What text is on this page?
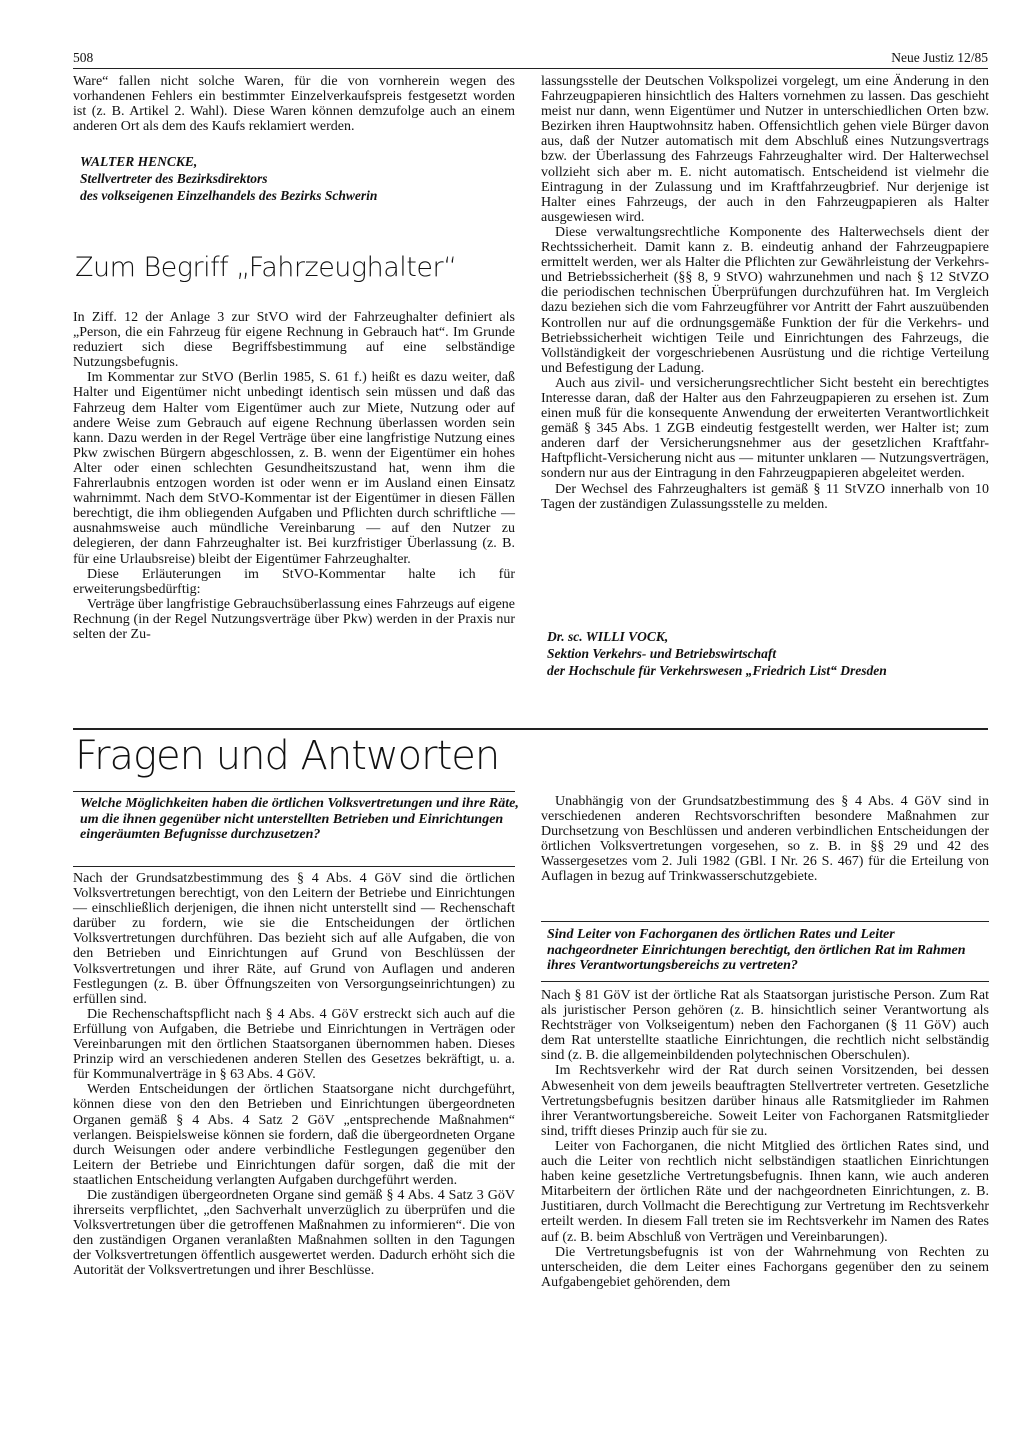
508	Neue Justiz 12/85

Ware“ fallen nicht solche Waren, für die von vornherein wegen des vorhandenen Fehlers ein bestimmter Einzelverkaufspreis festgesetzt worden ist (z. B. Artikel 2. Wahl). Diese Waren können demzufolge auch an einem anderen Ort als dem des Kaufs reklamiert werden.

WALTER HENCKE,
Stellvertreter des Bezirksdirektors
des volkseigenen Einzelhandels des Bezirks Schwerin
Zum Begriff „Fahrzeughalter“

In Ziff. 12 der Anlage 3 zur StVO wird der Fahrzeughalter definiert als „Person, die ein Fahrzeug für eigene Rechnung in Gebrauch hat“. Im Grunde reduziert sich diese Begriffsbestimmung auf eine selbständige Nutzungsbefugnis.

Im Kommentar zur StVO (Berlin 1985, S. 61 f.) heißt es dazu weiter, daß Halter und Eigentümer nicht unbedingt identisch sein müssen und daß das Fahrzeug dem Halter vom Eigentümer auch zur Miete, Nutzung oder auf andere Weise zum Gebrauch auf eigene Rechnung überlassen worden sein kann. Dazu werden in der Regel Verträge über eine langfristige Nutzung eines Pkw zwischen Bürgern abgeschlossen, z. B. wenn der Eigentümer ein hohes Alter oder einen schlechten Gesundheitszustand hat, wenn ihm die Fahrerlaubnis entzogen worden ist oder wenn er im Ausland einen Einsatz wahrnimmt. Nach dem StVO-Kommentar ist der Eigentümer in diesen Fällen berechtigt, die ihm obliegenden Aufgaben und Pflichten durch schriftliche — ausnahmsweise auch mündliche Vereinbarung — auf den Nutzer zu delegieren, der dann Fahrzeughalter ist. Bei kurzfristiger Überlassung (z. B. für eine Urlaubsreise) bleibt der Eigentümer Fahrzeughalter.

Diese Erläuterungen im StVO-Kommentar halte ich für erweiterungsbedürftig:

Verträge über langfristige Gebrauchsüberlassung eines Fahrzeugs auf eigene Rechnung (in der Regel Nutzungsverträge über Pkw) werden in der Praxis nur selten der Zu-

lassungsstelle der Deutschen Volkspolizei vorgelegt, um eine Änderung in den Fahrzeugpapieren hinsichtlich des Halters vornehmen zu lassen. Das geschieht meist nur dann, wenn Eigentümer und Nutzer in unterschiedlichen Orten bzw. Bezirken ihren Hauptwohnsitz haben. Offensichtlich gehen viele Bürger davon aus, daß der Nutzer automatisch mit dem Abschluß eines Nutzungsvertrags bzw. der Überlassung des Fahrzeugs Fahrzeughalter wird. Der Halterwechsel vollzieht sich aber m. E. nicht automatisch. Entscheidend ist vielmehr die Eintragung in der Zulassung und im Kraftfahrzeugbrief. Nur derjenige ist Halter eines Fahrzeugs, der auch in den Fahrzeugpapieren als Halter ausgewiesen wird.

Diese verwaltungsrechtliche Komponente des Halterwechsels dient der Rechtssicherheit. Damit kann z. B. eindeutig anhand der Fahrzeugpapiere ermittelt werden, wer als Halter die Pflichten zur Gewährleistung der Verkehrs- und Betriebssicherheit (§§ 8, 9 StVO) wahrzunehmen und nach § 12 StVZO die periodischen technischen Überprüfungen durchzuführen hat. Im Vergleich dazu beziehen sich die vom Fahrzeugführer vor Antritt der Fahrt auszuübenden Kontrollen nur auf die ordnungsgemäße Funktion der für die Verkehrs- und Betriebssicherheit wichtigen Teile und Einrichtungen des Fahrzeugs, die Vollständigkeit der vorgeschriebenen Ausrüstung und die richtige Verteilung und Befestigung der Ladung.

Auch aus zivil- und versicherungsrechtlicher Sicht besteht ein berechtigtes Interesse daran, daß der Halter aus den Fahrzeugpapieren zu ersehen ist. Zum einen muß für die konsequente Anwendung der erweiterten Verantwortlichkeit gemäß § 345 Abs. 1 ZGB eindeutig festgestellt werden, wer Halter ist; zum anderen darf der Versicherungsnehmer aus der gesetzlichen Kraftfahr-Haftpflicht-Versicherung nicht aus — mitunter unklaren — Nutzungsverträgen, sondern nur aus der Eintragung in den Fahrzeugpapieren abgeleitet werden.

Der Wechsel des Fahrzeughalters ist gemäß § 11 StVZO innerhalb von 10 Tagen der zuständigen Zulassungsstelle zu melden.

Dr. sc. WILLI VOCK,
Sektion Verkehrs- und Betriebswirtschaft
der Hochschule für Verkehrswesen „Friedrich List“ Dresden
Fragen und Antworten
Welche Möglichkeiten haben die örtlichen Volksvertretungen und ihre Räte, um die ihnen gegenüber nicht unterstellten Betrieben und Einrichtungen eingeräumten Befugnisse durchzusetzen?

Nach der Grundsatzbestimmung des § 4 Abs. 4 GöV sind die örtlichen Volksvertretungen berechtigt, von den Leitern der Betriebe und Einrichtungen — einschließlich derjenigen, die ihnen nicht unterstellt sind — Rechenschaft darüber zu fordern, wie sie die Entscheidungen der örtlichen Volksvertretungen durchführen. Das bezieht sich auf alle Aufgaben, die von den Betrieben und Einrichtungen auf Grund von Beschlüssen der Volksvertretungen und ihrer Räte, auf Grund von Auflagen und anderen Festlegungen (z. B. über Öffnungszeiten von Versorgungseinrichtungen) zu erfüllen sind.

Die Rechenschaftspflicht nach § 4 Abs. 4 GöV erstreckt sich auch auf die Erfüllung von Aufgaben, die Betriebe und Einrichtungen in Verträgen oder Vereinbarungen mit den örtlichen Staatsorganen übernommen haben. Dieses Prinzip wird an verschiedenen anderen Stellen des Gesetzes bekräftigt, u. a. für Kommunalverträge in § 63 Abs. 4 GöV.

Werden Entscheidungen der örtlichen Staatsorgane nicht durchgeführt, können diese von den den Betrieben und Einrichtungen übergeordneten Organen gemäß § 4 Abs. 4 Satz 2 GöV „entsprechende Maßnahmen“ verlangen. Beispielsweise können sie fordern, daß die übergeordneten Organe durch Weisungen oder andere verbindliche Festlegungen gegenüber den Leitern der Betriebe und Einrichtungen dafür sorgen, daß die mit der staatlichen Entscheidung verlangten Aufgaben durchgeführt werden.

Die zuständigen übergeordneten Organe sind gemäß § 4 Abs. 4 Satz 3 GöV ihrerseits verpflichtet, „den Sachverhalt unverzüglich zu überprüfen und die Volksvertretungen über die getroffenen Maßnahmen zu informieren“. Die von den zuständigen Organen veranlaßten Maßnahmen sollten in den Tagungen der Volksvertretungen öffentlich ausgewertet werden. Dadurch erhöht sich die Autorität der Volksvertretungen und ihrer Beschlüsse.

Unabhängig von der Grundsatzbestimmung des § 4 Abs. 4 GöV sind in verschiedenen anderen Rechtsvorschriften besondere Maßnahmen zur Durchsetzung von Beschlüssen und anderen verbindlichen Entscheidungen der örtlichen Volksvertretungen vorgesehen, so z. B. in §§ 29 und 42 des Wassergesetzes vom 2. Juli 1982 (GBl. I Nr. 26 S. 467) für die Erteilung von Auflagen in bezug auf Trinkwasserschutzgebiete.

Sind Leiter von Fachorganen des örtlichen Rates und Leiter nachgeordneter Einrichtungen berechtigt, den örtlichen Rat im Rahmen ihres Verantwortungsbereichs zu vertreten?

Nach § 81 GöV ist der örtliche Rat als Staatsorgan juristische Person. Zum Rat als juristischer Person gehören (z. B. hinsichtlich seiner Verantwortung als Rechtsträger von Volkseigentum) neben den Fachorganen (§ 11 GöV) auch dem Rat unterstellte staatliche Einrichtungen, die rechtlich nicht selbständig sind (z. B. die allgemeinbildenden polytechnischen Oberschulen).

Im Rechtsverkehr wird der Rat durch seinen Vorsitzenden, bei dessen Abwesenheit von dem jeweils beauftragten Stellvertreter vertreten. Gesetzliche Vertretungsbefugnis besitzen darüber hinaus alle Ratsmitglieder im Rahmen ihrer Verantwortungsbereiche. Soweit Leiter von Fachorganen Ratsmitglieder sind, trifft dieses Prinzip auch für sie zu.

Leiter von Fachorganen, die nicht Mitglied des örtlichen Rates sind, und auch die Leiter von rechtlich nicht selbständigen staatlichen Einrichtungen haben keine gesetzliche Vertretungsbefugnis. Ihnen kann, wie auch anderen Mitarbeitern der örtlichen Räte und der nachgeordneten Einrichtungen, z. B. Justitiaren, durch Vollmacht die Berechtigung zur Vertretung im Rechtsverkehr erteilt werden. In diesem Fall treten sie im Rechtsverkehr im Namen des Rates auf (z. B. beim Abschluß von Verträgen und Vereinbarungen).

Die Vertretungsbefugnis ist von der Wahrnehmung von Rechten zu unterscheiden, die dem Leiter eines Fachorgans gegenüber den zu seinem Aufgabengebiet gehörenden, dem
